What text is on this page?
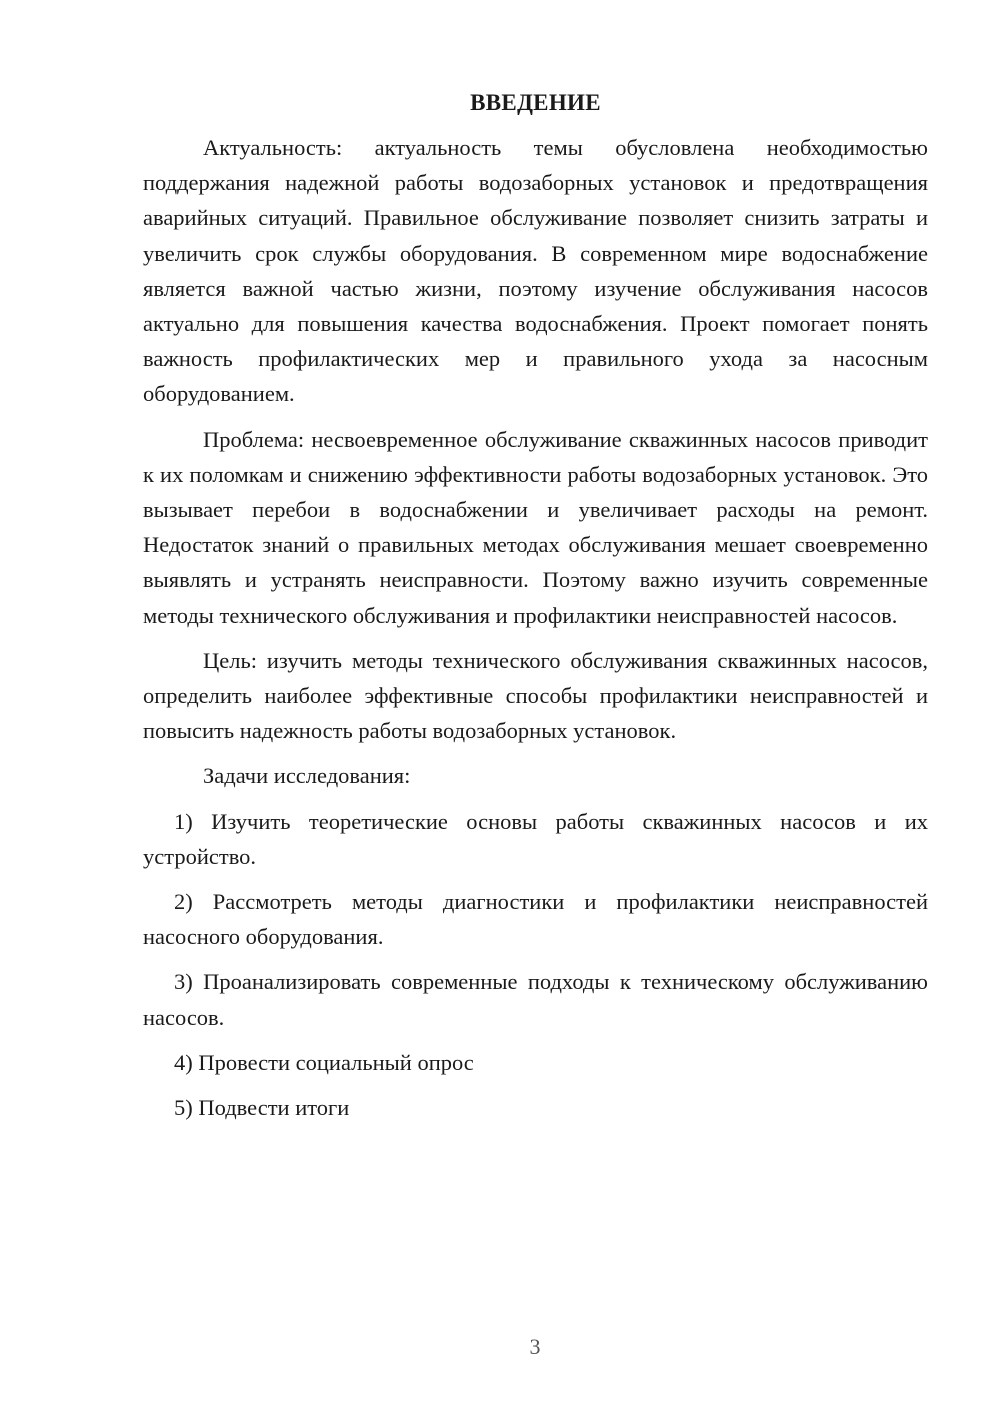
ВВЕДЕНИЕ

Актуальность: актуальность темы обусловлена необходимостью поддержания надежной работы водозаборных установок и предотвращения аварийных ситуаций. Правильное обслуживание позволяет снизить затраты и увеличить срок службы оборудования. В современном мире водоснабжение является важной частью жизни, поэтому изучение обслуживания насосов актуально для повышения качества водоснабжения. Проект помогает понять важность профилактических мер и правильного ухода за насосным оборудованием.

Проблема: несвоевременное обслуживание скважинных насосов приводит к их поломкам и снижению эффективности работы водозаборных установок. Это вызывает перебои в водоснабжении и увеличивает расходы на ремонт. Недостаток знаний о правильных методах обслуживания мешает своевременно выявлять и устранять неисправности. Поэтому важно изучить современные методы технического обслуживания и профилактики неисправностей насосов.

Цель: изучить методы технического обслуживания скважинных насосов, определить наиболее эффективные способы профилактики неисправностей и повысить надежность работы водозаборных установок.

Задачи исследования:

1) Изучить теоретические основы работы скважинных насосов и их устройство.

2) Рассмотреть методы диагностики и профилактики неисправностей насосного оборудования.

3) Проанализировать современные подходы к техническому обслуживанию насосов.

4) Провести социальный опрос

5) Подвести итоги

3
